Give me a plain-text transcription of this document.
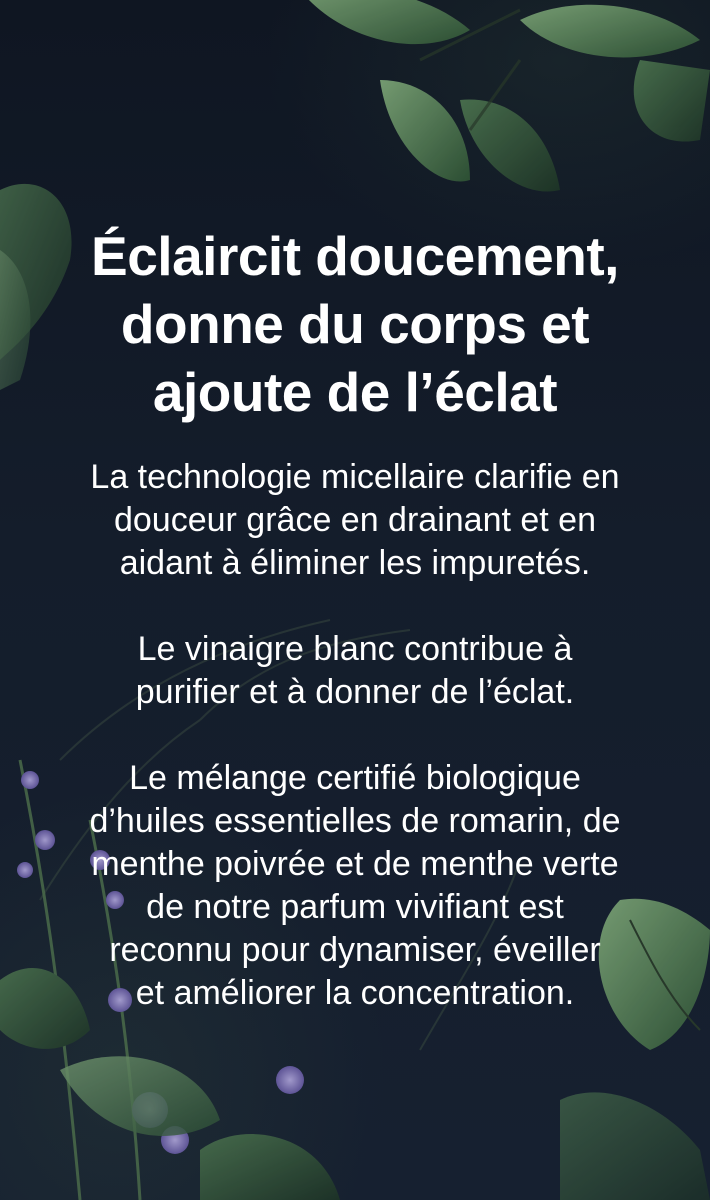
Éclaircit doucement,
donne du corps et
ajoute de l’éclat

La technologie micellaire clarifie en
douceur grâce en drainant et en
aidant à éliminer les impuretés.

Le vinaigre blanc contribue à
purifier et à donner de l’éclat.

Le mélange certifié biologique
d’huiles essentielles de romarin, de
menthe poivrée et de menthe verte
de notre parfum vivifiant est
reconnu pour dynamiser, éveiller
et améliorer la concentration.
